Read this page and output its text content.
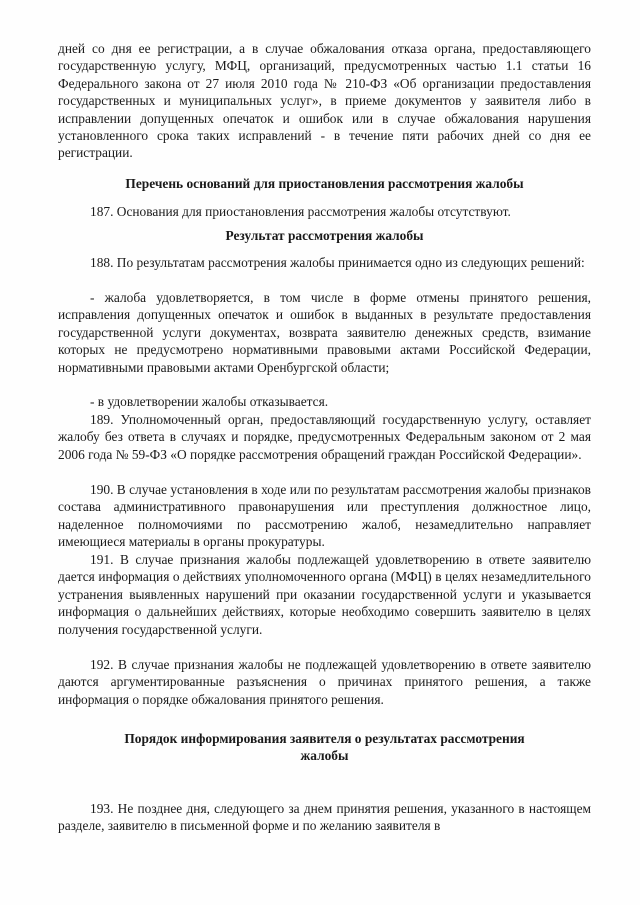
дней со дня ее регистрации, а в случае обжалования отказа органа, предоставляющего государственную услугу, МФЦ, организаций, предусмотренных частью 1.1 статьи 16 Федерального закона от 27 июля 2010 года № 210-ФЗ «Об организации предоставления государственных и муниципальных услуг», в приеме документов у заявителя либо в исправлении допущенных опечаток и ошибок или в случае обжалования нарушения установленного срока таких исправлений - в течение пяти рабочих дней со дня ее регистрации.

Перечень оснований для приостановления рассмотрения жалобы

187. Основания для приостановления рассмотрения жалобы отсутствуют.

Результат рассмотрения жалобы

188. По результатам рассмотрения жалобы принимается одно из следующих решений:

- жалоба удовлетворяется, в том числе в форме отмены принятого решения, исправления допущенных опечаток и ошибок в выданных в результате предоставления государственной услуги документах, возврата заявителю денежных средств, взимание которых не предусмотрено нормативными правовыми актами Российской Федерации, нормативными правовыми актами Оренбургской области;

- в удовлетворении жалобы отказывается.

189. Уполномоченный орган, предоставляющий государственную услугу, оставляет жалобу без ответа в случаях и порядке, предусмотренных Федеральным законом от 2 мая 2006 года № 59-ФЗ «О порядке рассмотрения обращений граждан Российской Федерации».

190. В случае установления в ходе или по результатам рассмотрения жалобы признаков состава административного правонарушения или преступления должностное лицо, наделенное полномочиями по рассмотрению жалоб, незамедлительно направляет имеющиеся материалы в органы прокуратуры.

191. В случае признания жалобы подлежащей удовлетворению в ответе заявителю дается информация о действиях уполномоченного органа (МФЦ) в целях незамедлительного устранения выявленных нарушений при оказании государственной услуги и указывается информация о дальнейших действиях, которые необходимо совершить заявителю в целях получения государственной услуги.

192. В случае признания жалобы не подлежащей удовлетворению в ответе заявителю даются аргументированные разъяснения о причинах принятого решения, а также информация о порядке обжалования принятого решения.

Порядок информирования заявителя о результатах рассмотрения жалобы

193. Не позднее дня, следующего за днем принятия решения, указанного в настоящем разделе, заявителю в письменной форме и по желанию заявителя в
